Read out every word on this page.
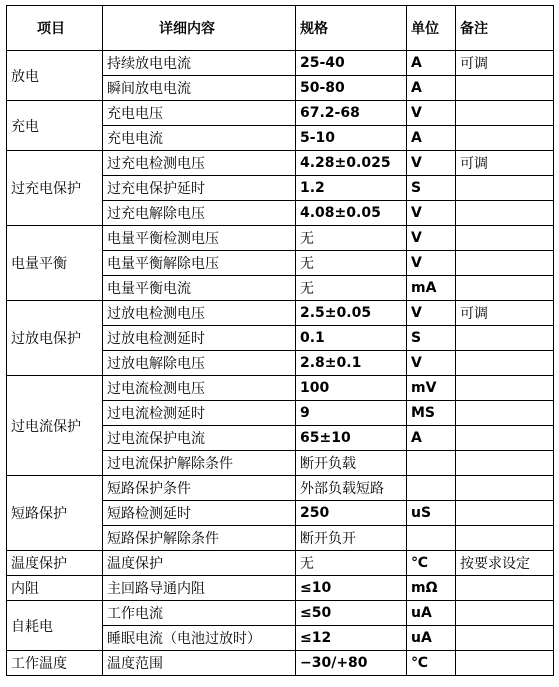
项目	详细内容	规格	单位	备注
放电	持续放电电流	25-40	A	可调
	瞬间放电电流	50-80	A	
充电	充电电压	67.2-68	V	
	充电电流	5-10	A	
过充电保护	过充电检测电压	4.28±0.025	V	可调
	过充电保护延时	1.2	S	
	过充电解除电压	4.08±0.05	V	
电量平衡	电量平衡检测电压	无	V	
	电量平衡解除电压	无	V	
	电量平衡电流	无	mA	
过放电保护	过放电检测电压	2.5±0.05	V	可调
	过放电检测延时	0.1	S	
	过放电解除电压	2.8±0.1	V	
过电流保护	过电流检测电压	100	mV	
	过电流检测延时	9	MS	
	过电流保护电流	65±10	A	
	过电流保护解除条件	断开负载		
短路保护	短路保护条件	外部负载短路		
	短路检测延时	250	uS	
	短路保护解除条件	断开负开		
温度保护	温度保护	无	℃	按要求设定
内阻	主回路导通内阻	≤10	mΩ	
自耗电	工作电流	≤50	uA	
	睡眠电流（电池过放时）	≤12	uA	
工作温度	温度范围	−30/+80	℃	
